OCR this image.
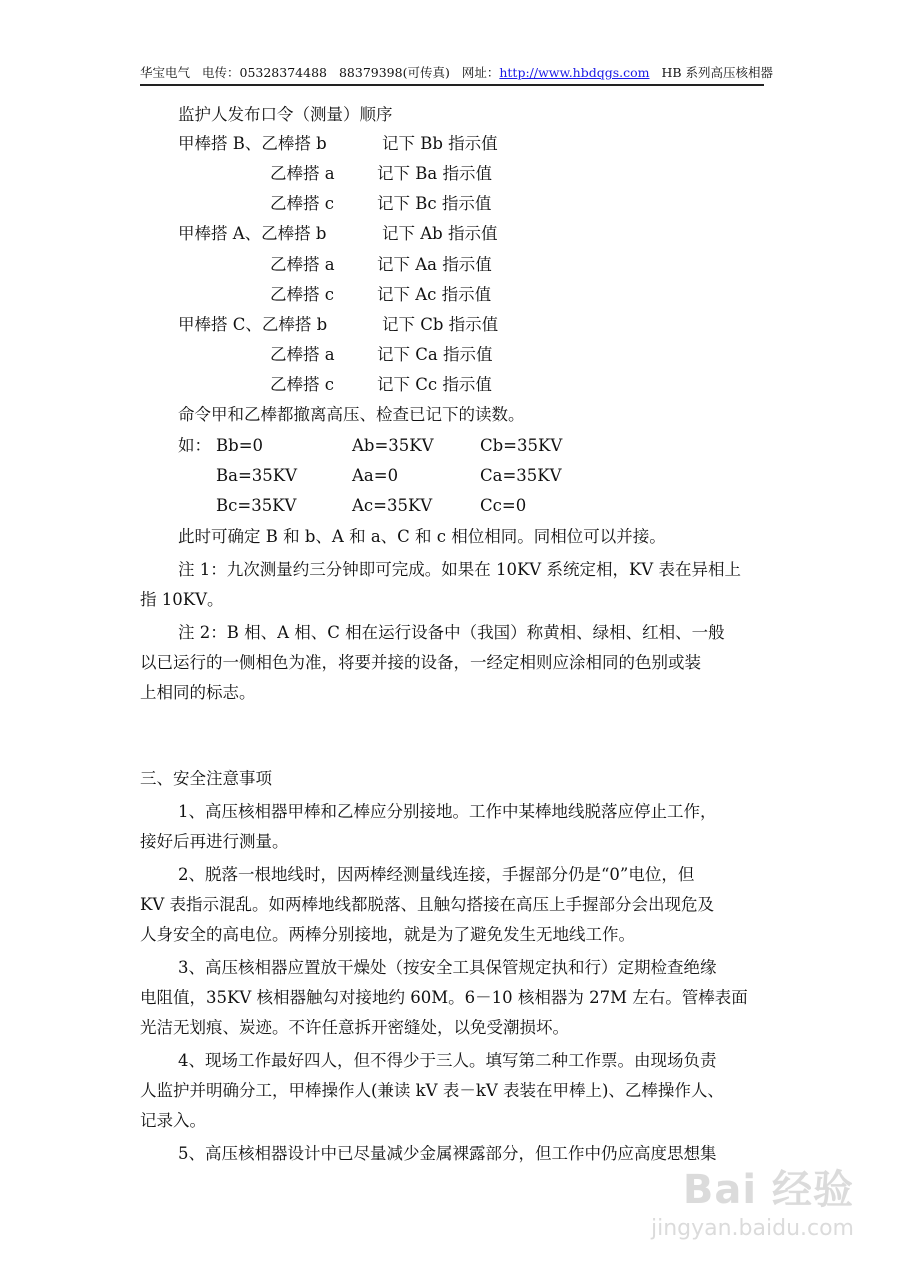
华宝电气 电传：05328374488 88379398(可传真) 网址：http://www.hbdqgs.com HB 系列高压核相器
监护人发布口令（测量）顺序
甲棒搭 B、乙棒搭 b	记下 Bb 指示值
乙棒搭 a	记下 Ba 指示值
乙棒搭 c	记下 Bc 指示值
甲棒搭 A、乙棒搭 b	记下 Ab 指示值
乙棒搭 a	记下 Aa 指示值
乙棒搭 c	记下 Ac 指示值
甲棒搭 C、乙棒搭 b	记下 Cb 指示值
乙棒搭 a	记下 Ca 指示值
乙棒搭 c	记下 Cc 指示值
命令甲和乙棒都撤离高压、检查已记下的读数。
如： Bb=0	Ab=35KV	Cb=35KV
Ba=35KV	Aa=0	Ca=35KV
Bc=35KV	Ac=35KV	Cc=0
此时可确定 B 和 b、A 和 a、C 和 c 相位相同。同相位可以并接。
注 1：九次测量约三分钟即可完成。如果在 10KV 系统定相，KV 表在异相上
指 10KV。
注 2：B 相、A 相、C 相在运行设备中（我国）称黄相、绿相、红相、一般
以已运行的一侧相色为准，将要并接的设备，一经定相则应涂相同的色别或装
上相同的标志。
三、安全注意事项
1、高压核相器甲棒和乙棒应分别接地。工作中某棒地线脱落应停止工作，
接好后再进行测量。
2、脱落一根地线时，因两棒经测量线连接，手握部分仍是“0”电位，但
KV 表指示混乱。如两棒地线都脱落、且触勾搭接在高压上手握部分会出现危及
人身安全的高电位。两棒分别接地，就是为了避免发生无地线工作。
3、高压核相器应置放干燥处（按安全工具保管规定执和行）定期检查绝缘
电阻值，35KV 核相器触勾对接地约 60M。6－10 核相器为 27M 左右。管棒表面
光洁无划痕、炭迹。不许任意拆开密缝处，以免受潮损坏。
4、现场工作最好四人，但不得少于三人。填写第二种工作票。由现场负责
人监护并明确分工，甲棒操作人(兼读 kV 表－kV 表装在甲棒上)、乙棒操作人、
记录入。
5、高压核相器设计中已尽量减少金属裸露部分，但工作中仍应高度思想集
Bai 经验
jingyan.baidu.com
